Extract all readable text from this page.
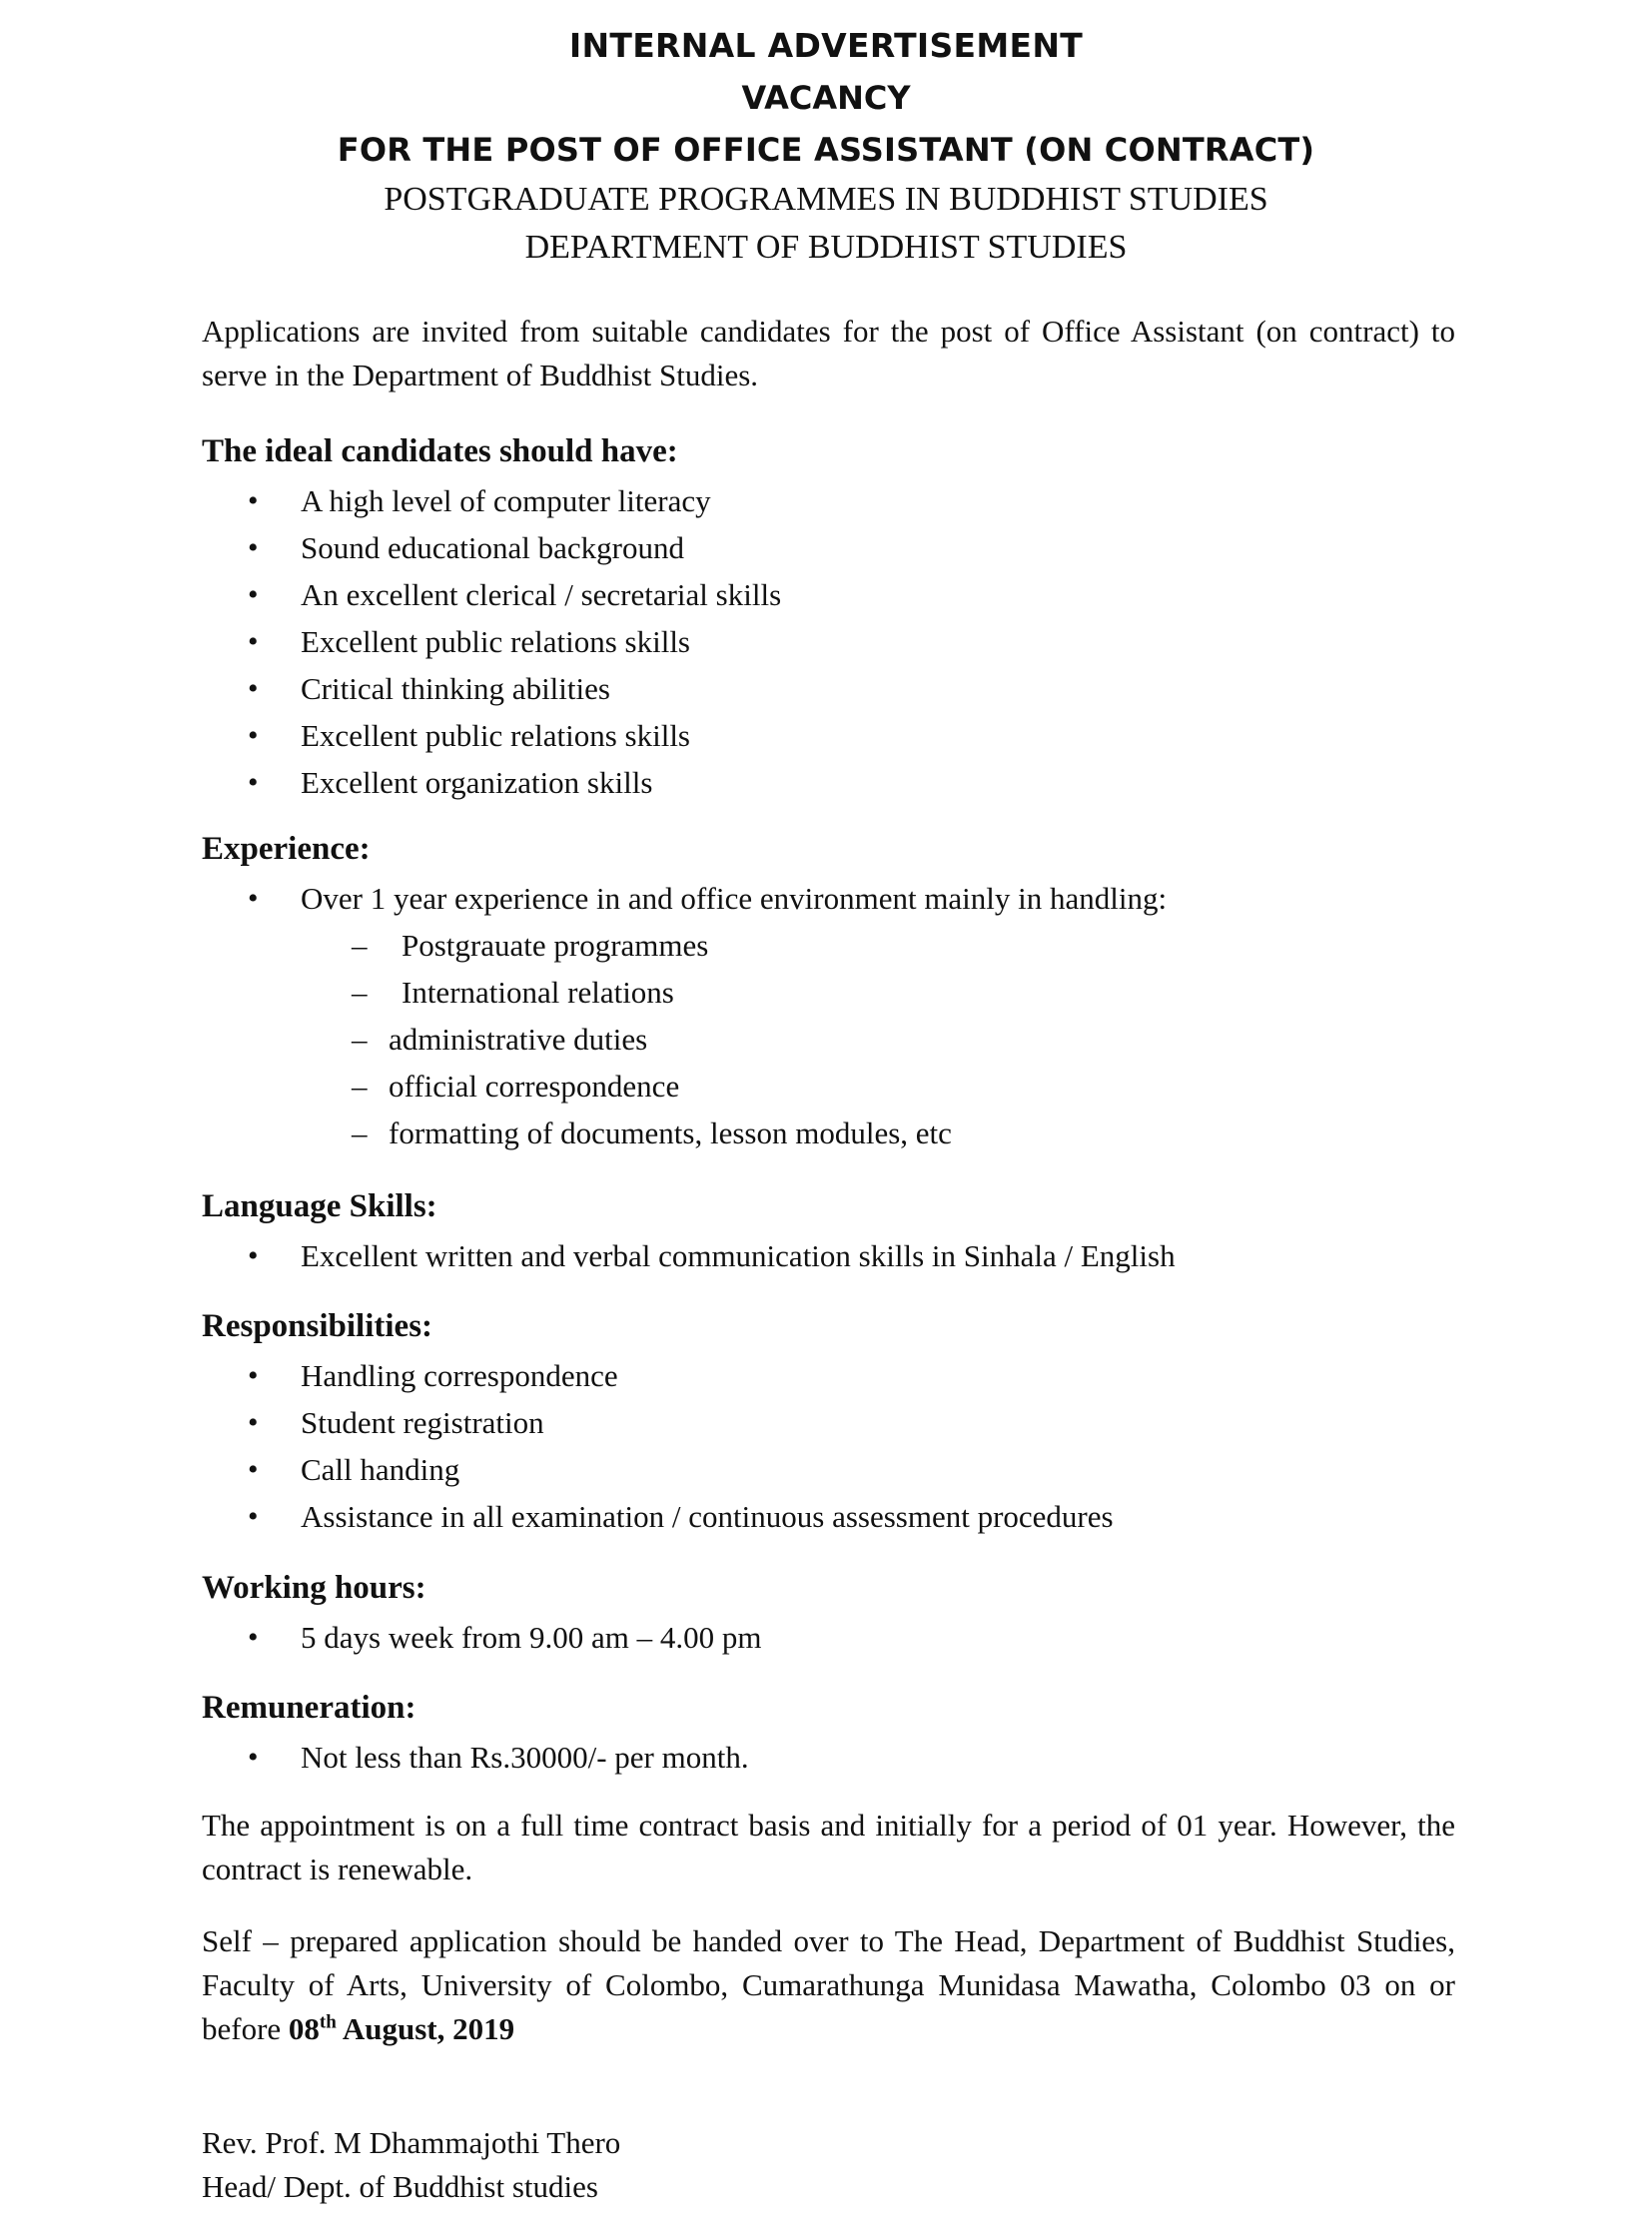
INTERNAL ADVERTISEMENT
VACANCY
FOR THE POST OF OFFICE ASSISTANT (ON CONTRACT)
POSTGRADUATE PROGRAMMES IN BUDDHIST STUDIES
DEPARTMENT OF BUDDHIST STUDIES
Applications are invited from suitable candidates for the post of Office Assistant (on contract) to serve in the Department of Buddhist Studies.
The ideal candidates should have:
• A high level of computer literacy
• Sound educational background
• An excellent clerical / secretarial skills
• Excellent public relations skills
• Critical thinking abilities
• Excellent public relations skills
• Excellent organization skills
Experience:
• Over 1 year experience in and office environment mainly in handling:
– Postgrauate programmes
– International relations
– administrative duties
– official correspondence
– formatting of documents, lesson modules, etc
Language Skills:
• Excellent written and verbal communication skills in Sinhala / English
Responsibilities:
• Handling correspondence
• Student registration
• Call handing
• Assistance in all examination / continuous assessment procedures
Working hours:
• 5 days week from 9.00 am – 4.00 pm
Remuneration:
• Not less than Rs.30000/- per month.
The appointment is on a full time contract basis and initially for a period of 01 year. However, the contract is renewable.
Self – prepared application should be handed over to The Head, Department of Buddhist Studies, Faculty of Arts, University of Colombo, Cumarathunga Munidasa Mawatha, Colombo 03 on or before 08th August, 2019
Rev. Prof. M Dhammajothi Thero
Head/ Dept. of Buddhist studies
